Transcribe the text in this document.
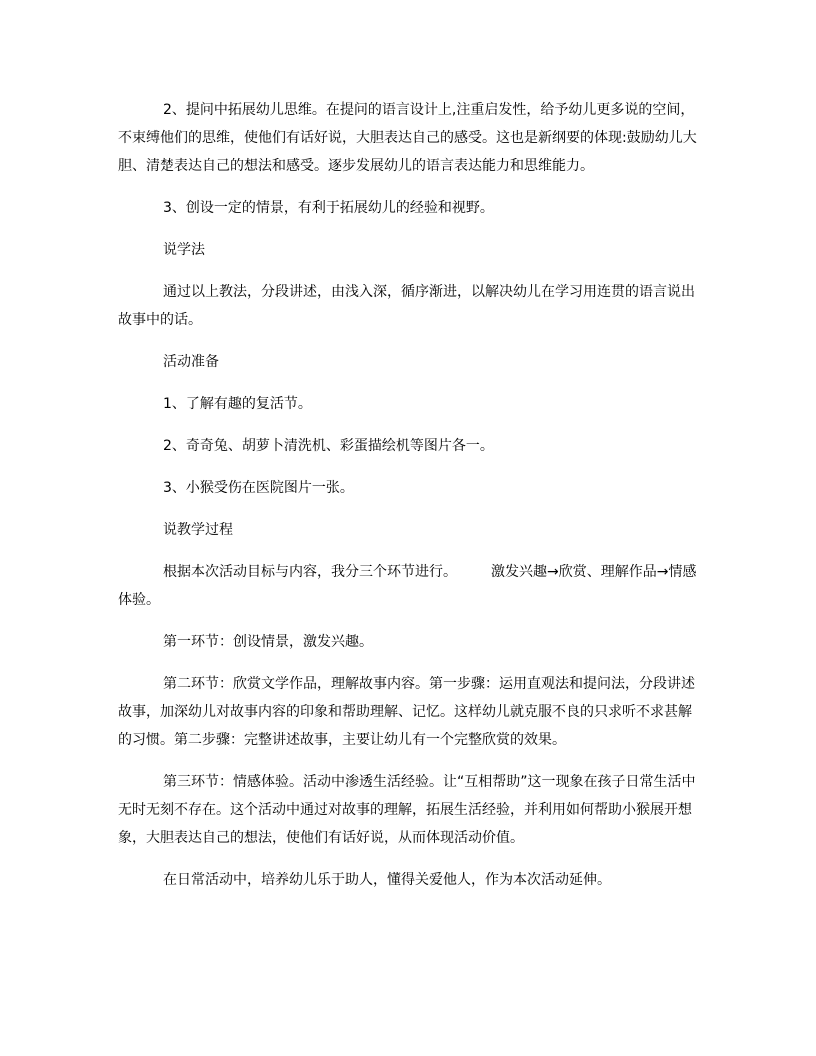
2、提问中拓展幼儿思维。在提问的语言设计上,注重启发性，给予幼儿更多说的空间，不束缚他们的思维，使他们有话好说，大胆表达自己的感受。这也是新纲要的体现:鼓励幼儿大胆、清楚表达自己的想法和感受。逐步发展幼儿的语言表达能力和思维能力。

3、创设一定的情景，有利于拓展幼儿的经验和视野。

说学法

通过以上教法，分段讲述，由浅入深，循序渐进，以解决幼儿在学习用连贯的语言说出故事中的话。

活动准备

1、了解有趣的复活节。

2、奇奇兔、胡萝卜清洗机、彩蛋描绘机等图片各一。

3、小猴受伤在医院图片一张。

说教学过程

根据本次活动目标与内容，我分三个环节进行。 激发兴趣→欣赏、理解作品→情感体验。

第一环节：创设情景，激发兴趣。

第二环节：欣赏文学作品，理解故事内容。第一步骤：运用直观法和提问法，分段讲述故事，加深幼儿对故事内容的印象和帮助理解、记忆。这样幼儿就克服不良的只求听不求甚解的习惯。第二步骤：完整讲述故事，主要让幼儿有一个完整欣赏的效果。

第三环节：情感体验。活动中渗透生活经验。让“互相帮助”这一现象在孩子日常生活中无时无刻不存在。这个活动中通过对故事的理解，拓展生活经验，并利用如何帮助小猴展开想象，大胆表达自己的想法，使他们有话好说，从而体现活动价值。

在日常活动中，培养幼儿乐于助人，懂得关爱他人，作为本次活动延伸。
